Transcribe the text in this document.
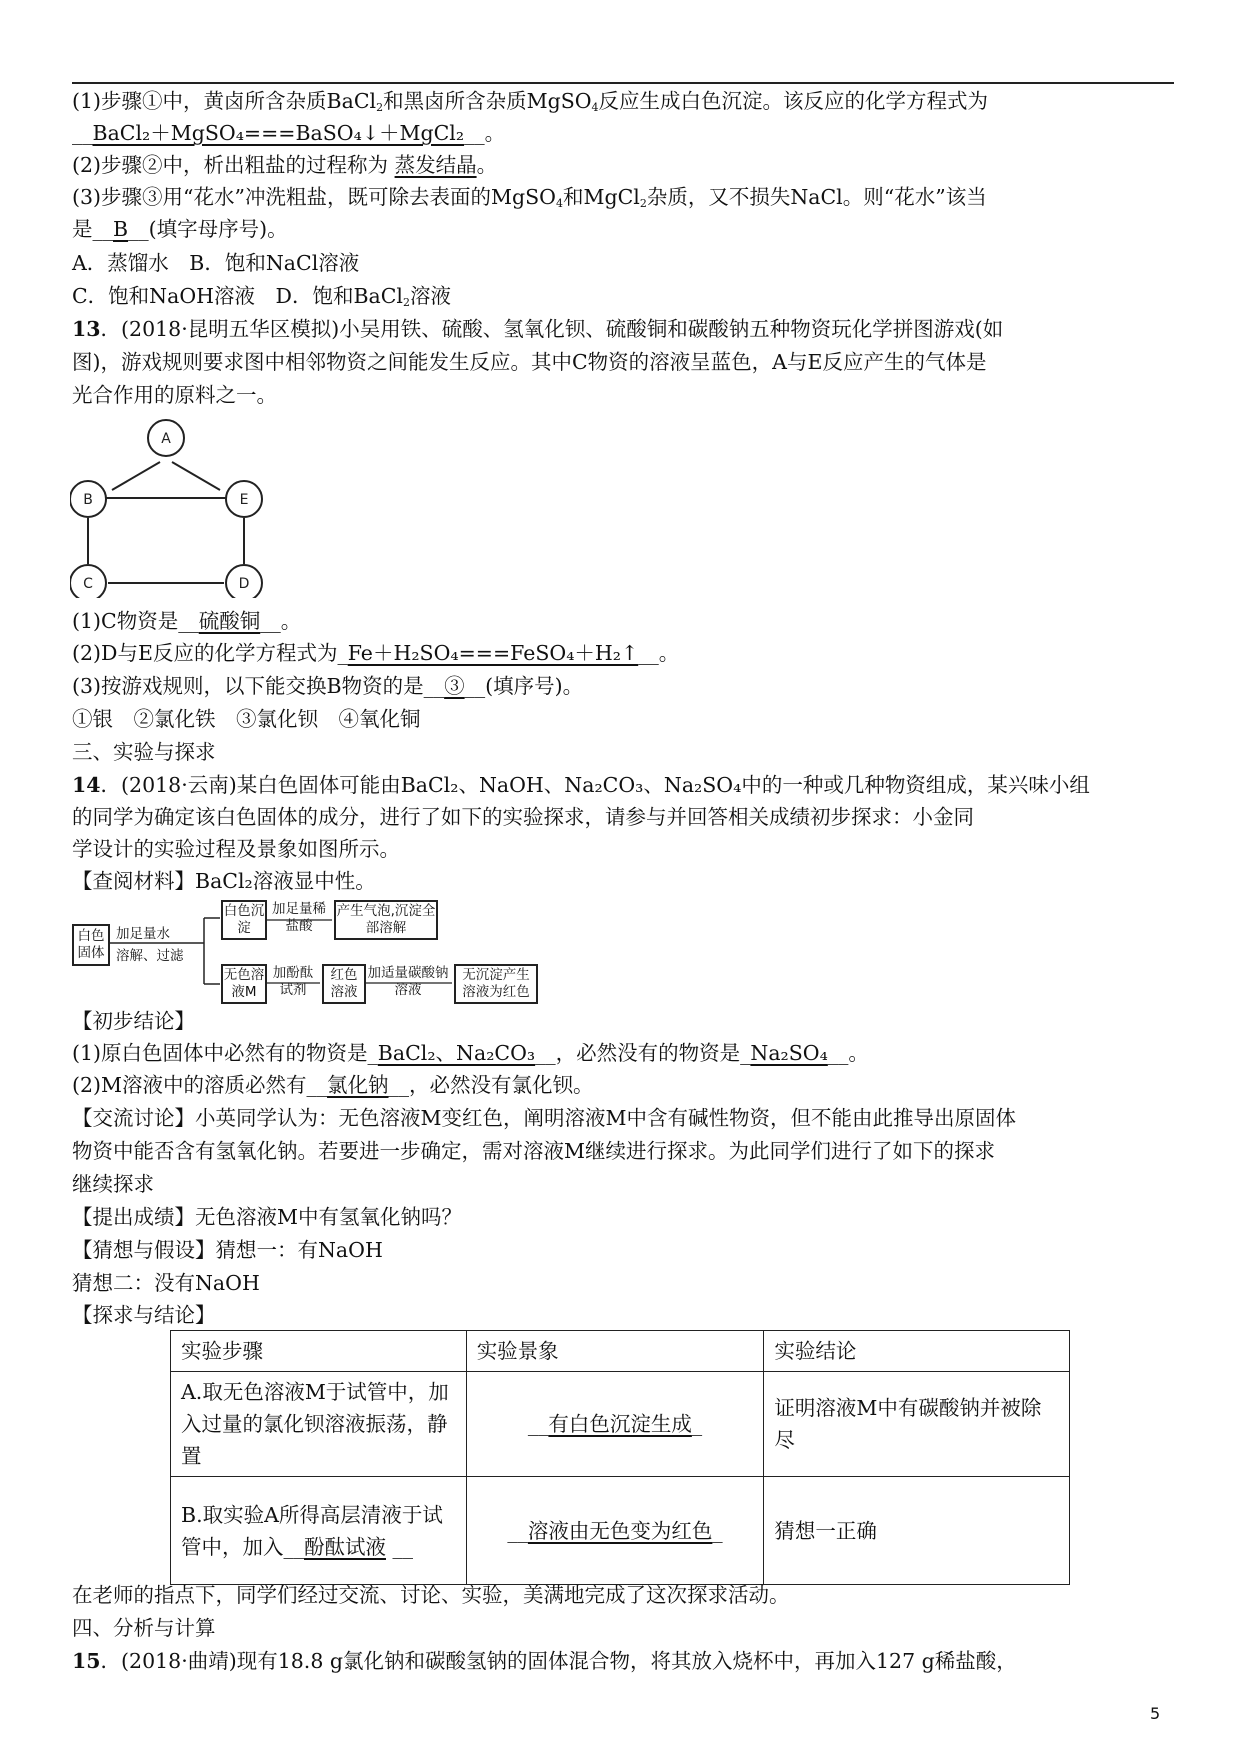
(1)步骤①中，黄卤所含杂质BaCl$_2$和黑卤所含杂质MgSO$_4$反应生成白色沉淀。该反应的化学方程式为
__BaCl₂＋MgSO₄===BaSO₄↓＋MgCl₂__。
(2)步骤②中，析出粗盐的过程称为 蒸发结晶。
(3)步骤③用“花水”冲洗粗盐，既可除去表面的MgSO$_4$和MgCl$_2$杂质，又不损失NaCl。则“花水”该当
是__B__(填字母序号)。
A．蒸馏水　B．饱和NaCl溶液
C．饱和NaOH溶液　D．饱和BaCl$_2$溶液
13．(2018·昆明五华区模拟)小吴用铁、硫酸、氢氧化钡、硫酸铜和碳酸钠五种物资玩化学拼图游戏(如
图)，游戏规则要求图中相邻物资之间能发生反应。其中C物资的溶液呈蓝色，A与E反应产生的气体是
光合作用的原料之一。
A
B	E
C	D
(1)C物资是__硫酸铜__。
(2)D与E反应的化学方程式为_Fe＋H₂SO₄===FeSO₄＋H₂↑__。
(3)按游戏规则，以下能交换B物资的是__③__(填序号)。
①银　②氯化铁　③氯化钡　④氧化铜
三、实验与探求
14．(2018·云南)某白色固体可能由BaCl₂、NaOH、Na₂CO₃、Na₂SO₄中的一种或几种物资组成，某兴味小组
的同学为确定该白色固体的成分，进行了如下的实验探求，请参与并回答相关成绩初步探求：小金同
学设计的实验过程及景象如图所示。
【查阅材料】BaCl₂溶液显中性。
白色固体
加足量水
溶解、过滤
白色沉淀
加足量稀盐酸
产生气泡,沉淀全部溶解
无色溶液M
加酚酞试剂
红色溶液
加适量碳酸钠溶液
无沉淀产生溶液为红色
【初步结论】
(1)原白色固体中必然有的物资是_BaCl₂、Na₂CO₃__，必然没有的物资是_Na₂SO₄__。
(2)M溶液中的溶质必然有__氯化钠__，必然没有氯化钡。
【交流讨论】小英同学认为：无色溶液M变红色，阐明溶液M中含有碱性物资，但不能由此推导出原固体
物资中能否含有氢氧化钠。若要进一步确定，需对溶液M继续进行探求。为此同学们进行了如下的探求
继续探求
【提出成绩】无色溶液M中有氢氧化钠吗？
【猜想与假设】猜想一：有NaOH
猜想二：没有NaOH
【探求与结论】
实验步骤	实验景象	实验结论
A.取无色溶液M于试管中，加入过量的氯化钡溶液振荡，静置	__有白色沉淀生成_	证明溶液M中有碳酸钠并被除尽
B.取实验A所得高层清液于试管中，加入__酚酞试液 __	__溶液由无色变为红色_	猜想一正确
在老师的指点下，同学们经过交流、讨论、实验，美满地完成了这次探求活动。
四、分析与计算
15．(2018·曲靖)现有18.8 g氯化钠和碳酸氢钠的固体混合物，将其放入烧杯中，再加入127 g稀盐酸，
5
